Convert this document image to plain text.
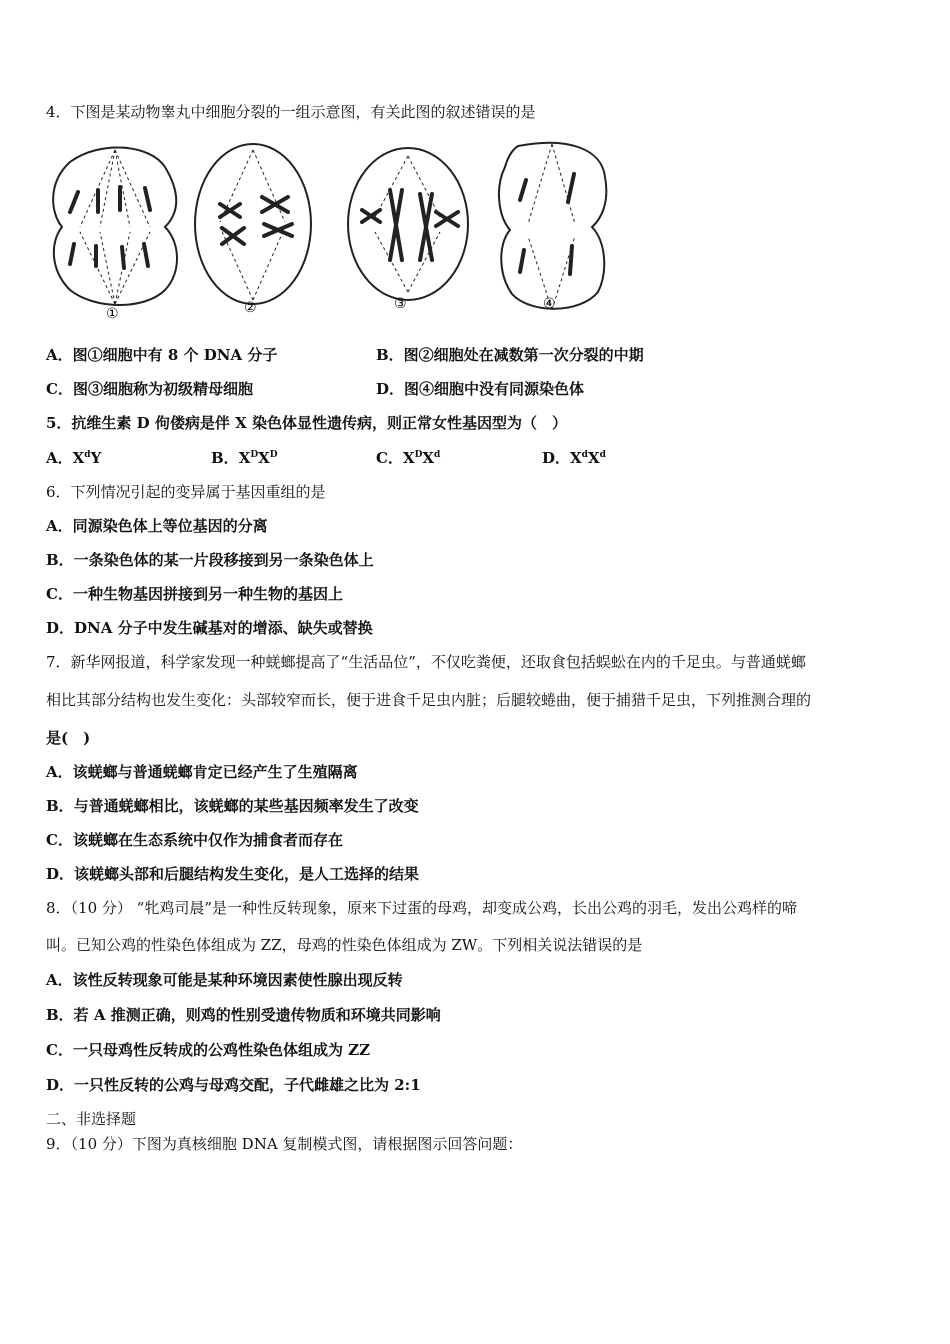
4．下图是某动物睾丸中细胞分裂的一组示意图，有关此图的叙述错误的是
①	②	③	④
A．图①细胞中有 8 个 DNA 分子	B．图②细胞处在减数第一次分裂的中期
C．图③细胞称为初级精母细胞	D．图④细胞中没有同源染色体
5．抗维生素 D 佝偻病是伴 X 染色体显性遗传病，则正常女性基因型为（　）
A．$X^dY$	B．$X^DX^D$	C．$X^DX^d$	D．$X^dX^d$
6．下列情况引起的变异属于基因重组的是
A．同源染色体上等位基因的分离
B．一条染色体的某一片段移接到另一条染色体上
C．一种生物基因拼接到另一种生物的基因上
D．DNA 分子中发生碱基对的增添、缺失或替换
7．新华网报道，科学家发现一种蜣螂提高了“生活品位”，不仅吃粪便，还取食包括蜈蚣在内的千足虫。与普通蜣螂
相比其部分结构也发生变化：头部较窄而长，便于进食千足虫内脏；后腿较蜷曲，便于捕猎千足虫，下列推测合理的
是(　)
A．该蜣螂与普通蜣螂肯定已经产生了生殖隔离
B．与普通蜣螂相比，该蜣螂的某些基因频率发生了改变
C．该蜣螂在生态系统中仅作为捕食者而存在
D．该蜣螂头部和后腿结构发生变化，是人工选择的结果
8．（10 分） “牝鸡司晨”是一种性反转现象，原来下过蛋的母鸡，却变成公鸡，长出公鸡的羽毛，发出公鸡样的啼
叫。已知公鸡的性染色体组成为 ZZ，母鸡的性染色体组成为 ZW。下列相关说法错误的是
A．该性反转现象可能是某种环境因素使性腺出现反转
B．若 A 推测正确，则鸡的性别受遗传物质和环境共同影响
C．一只母鸡性反转成的公鸡性染色体组成为 ZZ
D．一只性反转的公鸡与母鸡交配，子代雌雄之比为 2:1
二、非选择题
9．（10 分）下图为真核细胞 DNA 复制模式图，请根据图示回答问题：
